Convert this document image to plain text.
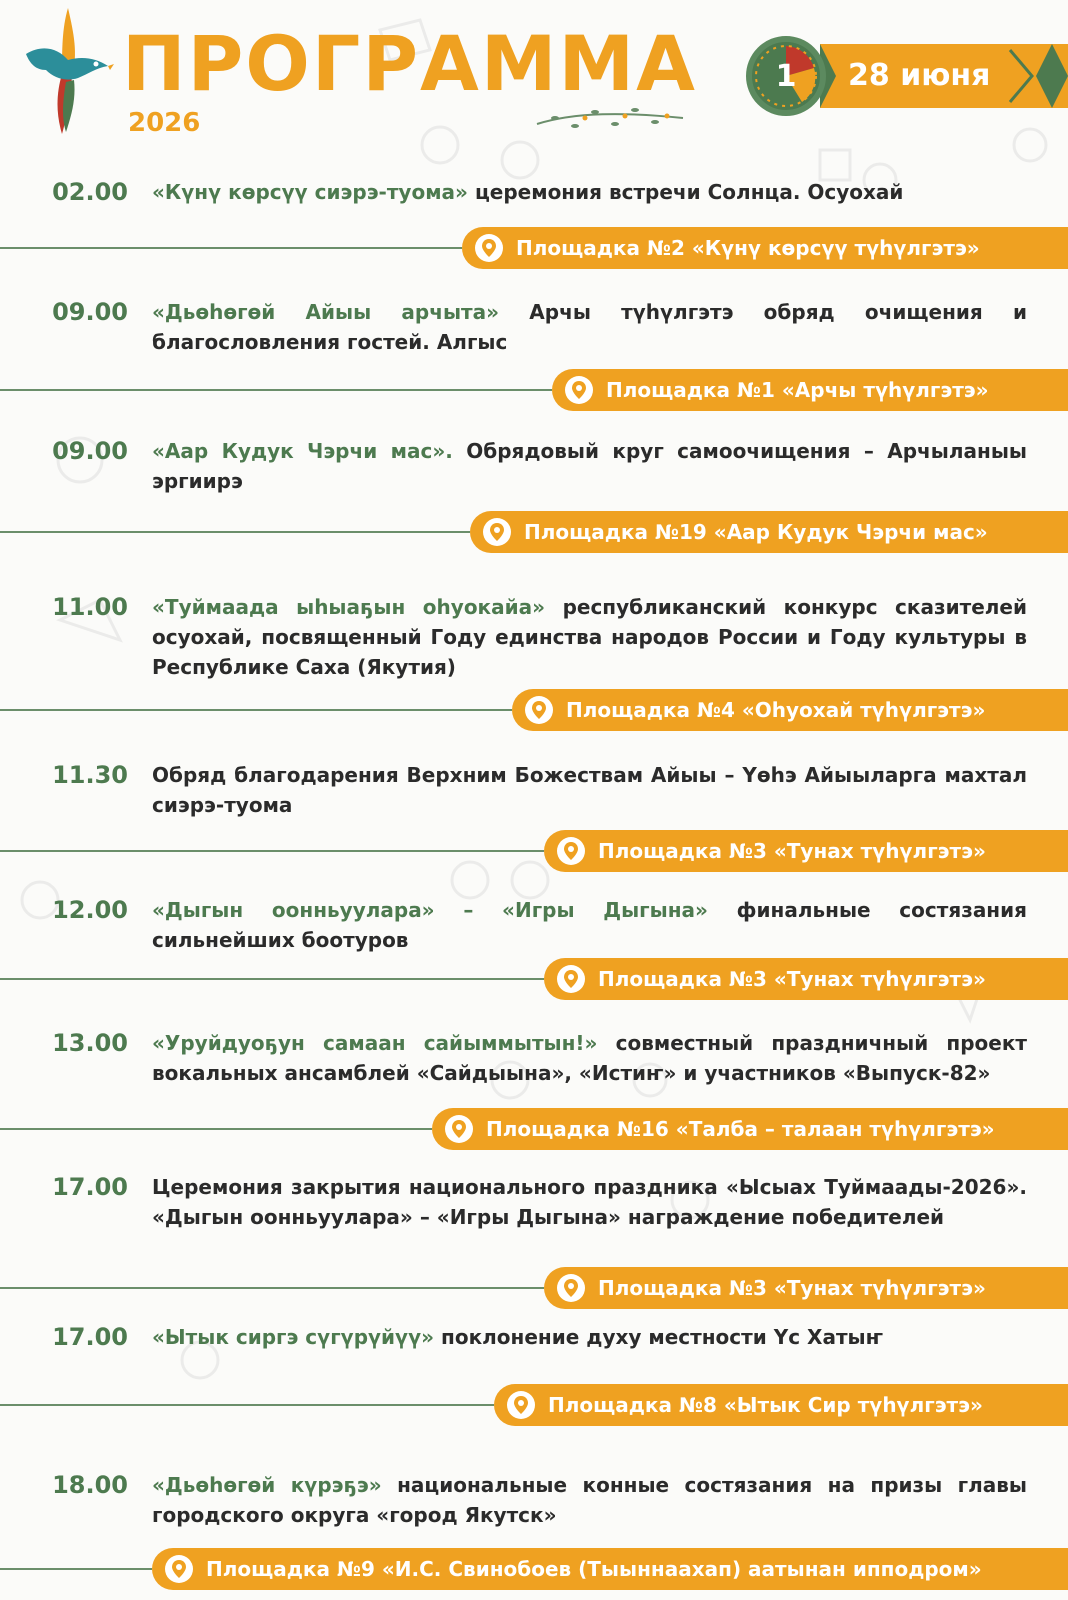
ПРОГРАММА
2026
28 июня
1
02.00 «Күнү көрсүү сиэрэ-туома» церемония встречи Солнца. Осуохай
Площадка №2 «Күнү көрсүү түһүлгэтэ»
09.00 «Дьөһөгөй Айыы арчыта» Арчы түһүлгэтэ обряд очищения и благословления гостей. Алгыс
Площадка №1 «Арчы түһүлгэтэ»
09.00 «Аар Кудук Чэрчи мас». Обрядовый круг самоочищения – Арчыланыы эргиирэ
Площадка №19 «Аар Кудук Чэрчи мас»
11.00 «Туймаада ыһыаҕын оһуокайа» республиканский конкурс сказителей осуохай, посвященный Году единства народов России и Году культуры в Республике Саха (Якутия)
Площадка №4 «Оһуохай түһүлгэтэ»
11.30 Обряд благодарения Верхним Божествам Айыы – Үөһэ Айыыларга махтал сиэрэ-туома
Площадка №3 «Тунах түһүлгэтэ»
12.00 «Дыгын оонньуулара» – «Игры Дыгына» финальные состязания сильнейших боотуров
Площадка №3 «Тунах түһүлгэтэ»
13.00 «Уруйдуоҕун самаан сайыммытын!» совместный праздничный проект вокальных ансамблей «Сайдыына», «Истиҥ» и участников «Выпуск-82»
Площадка №16 «Талба – талаан түһүлгэтэ»
17.00 Церемония закрытия национального праздника «Ысыах Туймаады-2026». «Дыгын оонньуулара» – «Игры Дыгына» награждение победителей
Площадка №3 «Тунах түһүлгэтэ»
17.00 «Ытык сиргэ сүгүрүйүү» поклонение духу местности Үс Хатыҥ
Площадка №8 «Ытык Сир түһүлгэтэ»
18.00 «Дьөһөгөй күрэҕэ» национальные конные состязания на призы главы городского округа «город Якутск»
Площадка №9 «И.С. Свинобоев (Тыыннаахап) аатынан ипподром»
